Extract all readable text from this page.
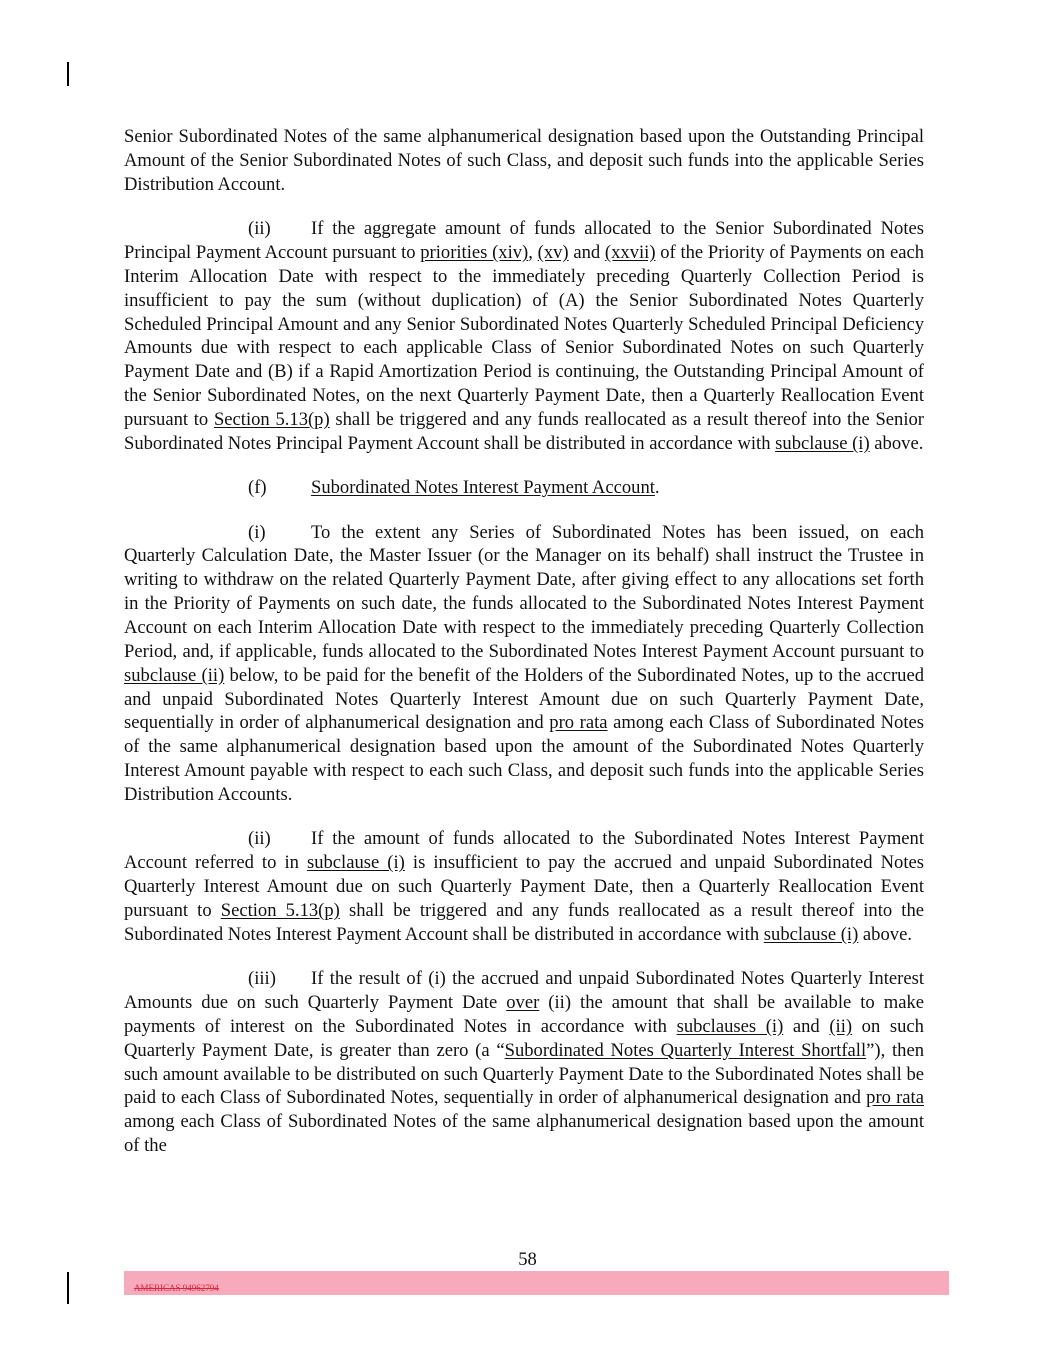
Senior Subordinated Notes of the same alphanumerical designation based upon the Outstanding Principal Amount of the Senior Subordinated Notes of such Class, and deposit such funds into the applicable Series Distribution Account.

(ii) If the aggregate amount of funds allocated to the Senior Subordinated Notes Principal Payment Account pursuant to priorities (xiv), (xv) and (xxvii) of the Priority of Payments on each Interim Allocation Date with respect to the immediately preceding Quarterly Collection Period is insufficient to pay the sum (without duplication) of (A) the Senior Subordinated Notes Quarterly Scheduled Principal Amount and any Senior Subordinated Notes Quarterly Scheduled Principal Deficiency Amounts due with respect to each applicable Class of Senior Subordinated Notes on such Quarterly Payment Date and (B) if a Rapid Amortization Period is continuing, the Outstanding Principal Amount of the Senior Subordinated Notes, on the next Quarterly Payment Date, then a Quarterly Reallocation Event pursuant to Section 5.13(p) shall be triggered and any funds reallocated as a result thereof into the Senior Subordinated Notes Principal Payment Account shall be distributed in accordance with subclause (i) above.

(f) Subordinated Notes Interest Payment Account.

(i) To the extent any Series of Subordinated Notes has been issued, on each Quarterly Calculation Date, the Master Issuer (or the Manager on its behalf) shall instruct the Trustee in writing to withdraw on the related Quarterly Payment Date, after giving effect to any allocations set forth in the Priority of Payments on such date, the funds allocated to the Subordinated Notes Interest Payment Account on each Interim Allocation Date with respect to the immediately preceding Quarterly Collection Period, and, if applicable, funds allocated to the Subordinated Notes Interest Payment Account pursuant to subclause (ii) below, to be paid for the benefit of the Holders of the Subordinated Notes, up to the accrued and unpaid Subordinated Notes Quarterly Interest Amount due on such Quarterly Payment Date, sequentially in order of alphanumerical designation and pro rata among each Class of Subordinated Notes of the same alphanumerical designation based upon the amount of the Subordinated Notes Quarterly Interest Amount payable with respect to each such Class, and deposit such funds into the applicable Series Distribution Accounts.

(ii) If the amount of funds allocated to the Subordinated Notes Interest Payment Account referred to in subclause (i) is insufficient to pay the accrued and unpaid Subordinated Notes Quarterly Interest Amount due on such Quarterly Payment Date, then a Quarterly Reallocation Event pursuant to Section 5.13(p) shall be triggered and any funds reallocated as a result thereof into the Subordinated Notes Interest Payment Account shall be distributed in accordance with subclause (i) above.

(iii) If the result of (i) the accrued and unpaid Subordinated Notes Quarterly Interest Amounts due on such Quarterly Payment Date over (ii) the amount that shall be available to make payments of interest on the Subordinated Notes in accordance with subclauses (i) and (ii) on such Quarterly Payment Date, is greater than zero (a “Subordinated Notes Quarterly Interest Shortfall”), then such amount available to be distributed on such Quarterly Payment Date to the Subordinated Notes shall be paid to each Class of Subordinated Notes, sequentially in order of alphanumerical designation and pro rata among each Class of Subordinated Notes of the same alphanumerical designation based upon the amount of the

58
AMERICAS 94962794
